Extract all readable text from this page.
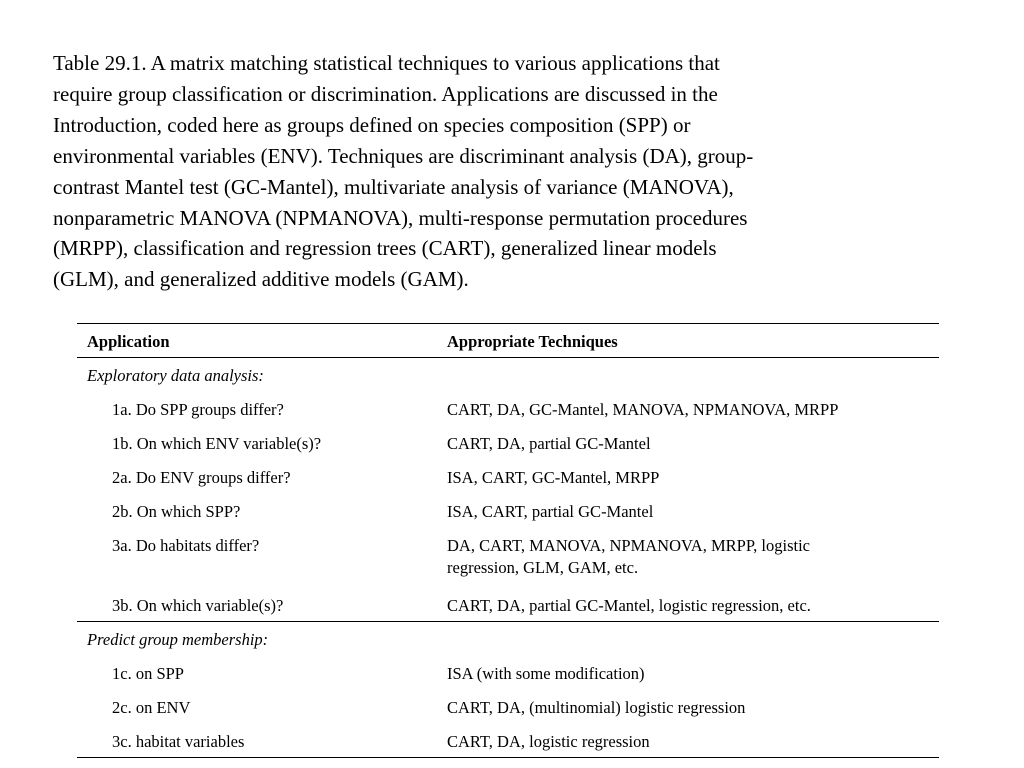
Table 29.1. A matrix matching statistical techniques to various applications that
require group classification or discrimination. Applications are discussed in the
Introduction, coded here as groups defined on species composition (SPP) or
environmental variables (ENV). Techniques are discriminant analysis (DA), group-
contrast Mantel test (GC-Mantel), multivariate analysis of variance (MANOVA),
nonparametric MANOVA (NPMANOVA), multi-response permutation procedures
(MRPP), classification and regression trees (CART), generalized linear models
(GLM), and generalized additive models (GAM).

Application	Appropriate Techniques
Exploratory data analysis:	
1a. Do SPP groups differ?	CART, DA, GC-Mantel, MANOVA, NPMANOVA, MRPP
1b. On which ENV variable(s)?	CART, DA, partial GC-Mantel
2a. Do ENV groups differ?	ISA, CART, GC-Mantel, MRPP
2b. On which SPP?	ISA, CART, partial GC-Mantel
3a. Do habitats differ?	DA, CART, MANOVA, NPMANOVA, MRPP, logistic
regression, GLM, GAM, etc.

3b. On which variable(s)?	CART, DA, partial GC-Mantel, logistic regression, etc.
Predict group membership:	
1c. on SPP	ISA (with some modification)
2c. on ENV	CART, DA, (multinomial) logistic regression
3c. habitat variables	CART, DA, logistic regression
